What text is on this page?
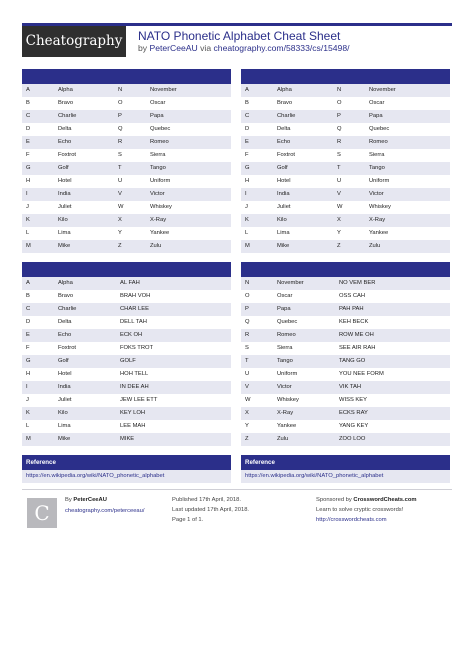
Cheatography	NATO Phonetic Alphabet Cheat Sheet
by PeterCeeAU via cheatography.com/58333/cs/15498/
A	Alpha	N	November
B	Bravo	O	Oscar
C	Charlie	P	Papa
D	Delta	Q	Quebec
E	Echo	R	Romeo
F	Foxtrot	S	Sierra
G	Golf	T	Tango
H	Hotel	U	Uniform
I	India	V	Victor
J	Juliet	W	Whiskey
K	Kilo	X	X-Ray
L	Lima	Y	Yankee
M	Mike	Z	Zulu
A	Alpha	N	November
B	Bravo	O	Oscar
C	Charlie	P	Papa
D	Delta	Q	Quebec
E	Echo	R	Romeo
F	Foxtrot	S	Sierra
G	Golf	T	Tango
H	Hotel	U	Uniform
I	India	V	Victor
J	Juliet	W	Whiskey
K	Kilo	X	X-Ray
L	Lima	Y	Yankee
M	Mike	Z	Zulu
A	Alpha	AL FAH
B	Bravo	BRAH VOH
C	Charlie	CHAR LEE
D	Delta	DELL TAH
E	Echo	ECK OH
F	Foxtrot	FOKS TROT
G	Golf	GOLF
H	Hotel	HOH TELL
I	India	IN DEE AH
J	Juliet	JEW LEE ETT
K	Kilo	KEY LOH
L	Lima	LEE MAH
M	Mike	MIKE
N	November	NO VEM BER
O	Oscar	OSS CAH
P	Papa	PAH PAH
Q	Quebec	KEH BECK
R	Romeo	ROW ME OH
S	Sierra	SEE AIR RAH
T	Tango	TANG GO
U	Uniform	YOU NEE FORM
V	Victor	VIK TAH
W	Whiskey	WISS KEY
X	X-Ray	ECKS RAY
Y	Yankee	YANG KEY
Z	Zulu	ZOO LOO
Reference
https://en.wikipedia.org/wiki/NATO_phonetic_alphabet
Reference
https://en.wikipedia.org/wiki/NATO_phonetic_alphabet
C
By PeterCeeAU
cheatography.com/peterceeau/
Published 17th April, 2018.
Last updated 17th April, 2018.
Page 1 of 1.
Sponsored by CrosswordCheats.com
Learn to solve cryptic crosswords!
http://crosswordcheats.com
